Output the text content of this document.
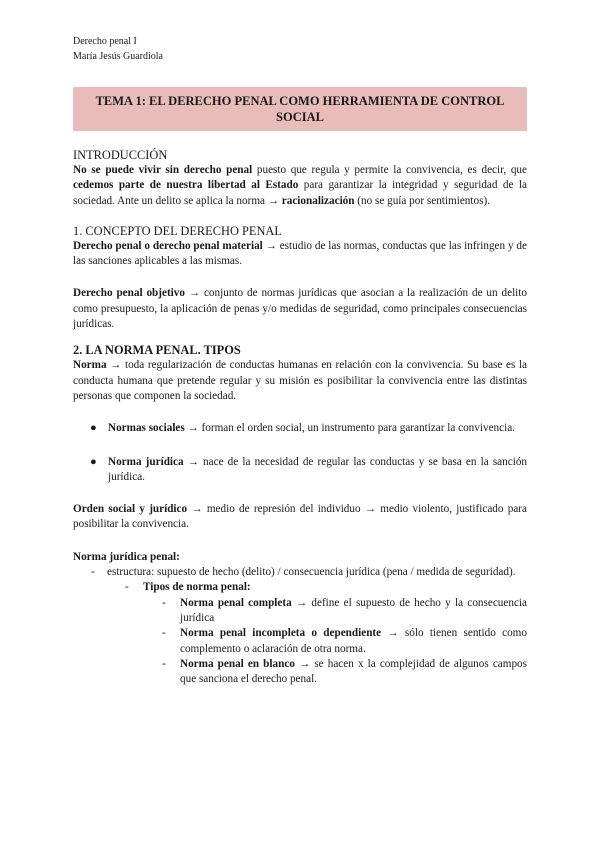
Derecho penal I
María Jesús Guardiola
TEMA 1: EL DERECHO PENAL COMO HERRAMIENTA DE CONTROL SOCIAL
INTRODUCCIÓN

No se puede vivir sin derecho penal puesto que regula y permite la convivencia, es decir, que cedemos parte de nuestra libertad al Estado para garantizar la integridad y seguridad de la sociedad. Ante un delito se aplica la norma → racionalización (no se guía por sentimientos).

1. CONCEPTO DEL DERECHO PENAL

Derecho penal o derecho penal material → estudio de las normas, conductas que las infringen y de las sanciones aplicables a las mismas.

Derecho penal objetivo → conjunto de normas jurídicas que asocian a la realización de un delito como presupuesto, la aplicación de penas y/o medidas de seguridad, como principales consecuencias jurídicas.

2. LA NORMA PENAL. TIPOS

Norma → toda regularización de conductas humanas en relación con la convivencia. Su base es la conducta humana que pretende regular y su misión es posibilitar la convivencia entre las distintas personas que componen la sociedad.

● Normas sociales → forman el orden social, un instrumento para garantizar la convivencia.
● Norma jurídica → nace de la necesidad de regular las conductas y se basa en la sanción jurídica.

Orden social y jurídico → medio de represión del individuo → medio violento, justificado para posibilitar la convivencia.

Norma jurídica penal:

- estructura: supuesto de hecho (delito) / consecuencia jurídica (pena / medida de seguridad).
- Tipos de norma penal:
- Norma penal completa → define el supuesto de hecho y la consecuencia jurídica
- Norma penal incompleta o dependiente → sólo tienen sentido como complemento o aclaración de otra norma.
- Norma penal en blanco → se hacen x la complejidad de algunos campos que sanciona el derecho penal.
